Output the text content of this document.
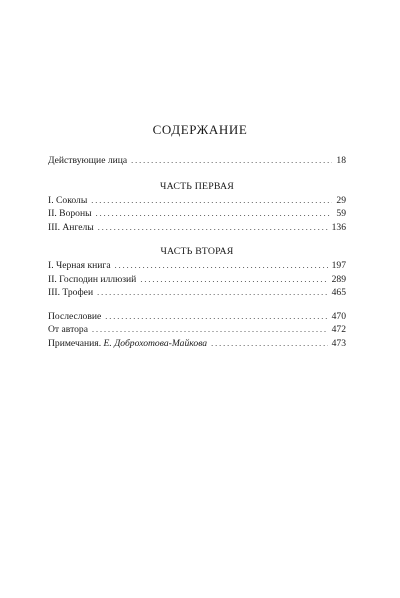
СОДЕРЖАНИЕ
Действующие лица . . .	18
ЧАСТЬ ПЕРВАЯ
I. Соколы . . .	29
II. Вороны . . .	59
III. Ангелы . . .	136
ЧАСТЬ ВТОРАЯ
I. Черная книга . . .	197
II. Господин иллюзий . . .	289
III. Трофеи . . .	465
Послесловие . . .	470
От автора . . .	472
Примечания. Е. Доброхотова-Майкова . . .	473
